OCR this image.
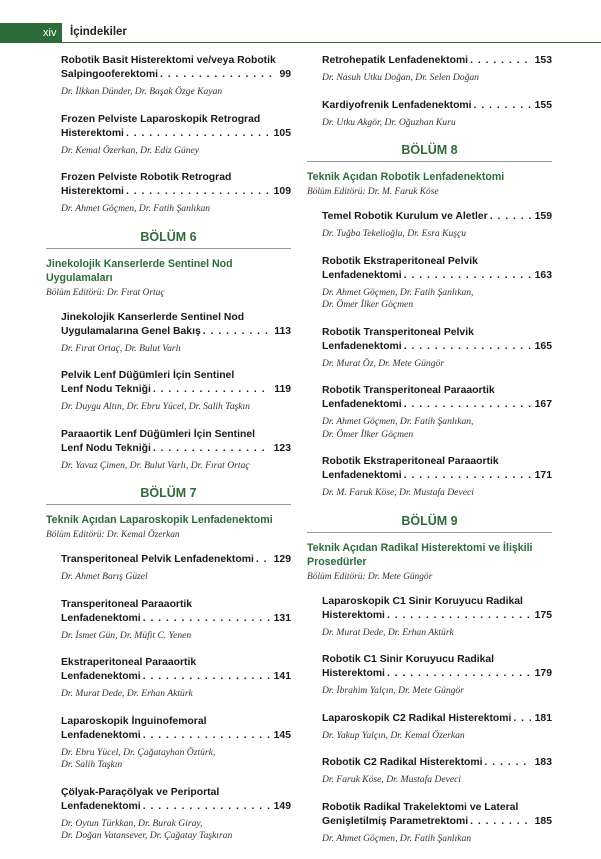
xiv	İçindekiler
Robotik Basit Histerektomi ve/veya Robotik
Salpingooferektomi . . .	99
Dr. İlkkan Dünder, Dr. Başak Özge Kayan
Frozen Pelviste Laparoskopik Retrograd
Histerektomi . . .	105
Dr. Kemal Özerkan, Dr. Ediz Güney
Frozen Pelviste Robotik Retrograd
Histerektomi . . .	109
Dr. Ahmet Göçmen, Dr. Fatih Şanlıkan
BÖLÜM 6
Jinekolojik Kanserlerde Sentinel Nod Uygulamaları
Bölüm Editörü: Dr. Fırat Ortaç
Jinekolojik Kanserlerde Sentinel Nod
Uygulamalarına Genel Bakış . . .	113
Dr. Fırat Ortaç, Dr. Bulut Varlı
Pelvik Lenf Düğümleri İçin Sentinel
Lenf Nodu Tekniği . . .	119
Dr. Duygu Altın, Dr. Ebru Yücel, Dr. Salih Taşkın
Paraaortik Lenf Düğümleri İçin Sentinel
Lenf Nodu Tekniği . . .	123
Dr. Yavuz Çimen, Dr. Bulut Varlı, Dr. Fırat Ortaç
BÖLÜM 7
Teknik Açıdan Laparoskopik Lenfadenektomi
Bölüm Editörü: Dr. Kemal Özerkan
Transperitoneal Pelvik Lenfadenektomi . . . 129
Dr. Ahmet Barış Güzel
Transperitoneal Paraaortik
Lenfadenektomi . . .	131
Dr. İsmet Gün, Dr. Müfit C. Yenen
Ekstraperitoneal Paraaortik
Lenfadenektomi . . .	141
Dr. Murat Dede, Dr. Erhan Aktürk
Laparoskopik İnguinofemoral
Lenfadenektomi . . .	145
Dr. Ebru Yücel, Dr. Çağatayhan Öztürk,
Dr. Salih Taşkın
Çölyak-Paraçölyak ve Periportal
Lenfadenektomi . . .	149
Dr. Oytun Türkkan, Dr. Burak Giray,
Dr. Doğan Vatansever, Dr. Çağatay Taşkıran
Retrohepatik Lenfadenektomi . . .	153
Dr. Nasuh Utku Doğan, Dr. Selen Doğan
Kardiyofrenik Lenfadenektomi . . .	155
Dr. Utku Akgör, Dr. Oğuzhan Kuru
BÖLÜM 8
Teknik Açıdan Robotik Lenfadenektomi
Bölüm Editörü: Dr. M. Faruk Köse
Temel Robotik Kurulum ve Aletler . . .	159
Dr. Tuğba Tekelioğlu, Dr. Esra Kuşçu
Robotik Ekstraperitoneal Pelvik
Lenfadenektomi . . .	163
Dr. Ahmet Göçmen, Dr. Fatih Şanlıkan,
Dr. Ömer İlker Göçmen
Robotik Transperitoneal Pelvik
Lenfadenektomi . . .	165
Dr. Murat Öz, Dr. Mete Güngör
Robotik Transperitoneal Paraaortik
Lenfadenektomi . . .	167
Dr. Ahmet Göçmen, Dr. Fatih Şanlıkan,
Dr. Ömer İlker Göçmen
Robotik Ekstraperitoneal Paraaortik
Lenfadenektomi . . .	171
Dr. M. Faruk Köse, Dr. Mustafa Deveci
BÖLÜM 9
Teknik Açıdan Radikal Histerektomi ve İlişkili Prosedürler
Bölüm Editörü: Dr. Mete Güngör
Laparoskopik C1 Sinir Koruyucu Radikal
Histerektomi . . .	175
Dr. Murat Dede, Dr. Erhan Aktürk
Robotik C1 Sinir Koruyucu Radikal
Histerektomi . . .	179
Dr. İbrahim Yalçın, Dr. Mete Güngör
Laparoskopik C2 Radikal Histerektomi . . . 181
Dr. Yakup Yalçın, Dr. Kemal Özerkan
Robotik C2 Radikal Histerektomi . . .	183
Dr. Faruk Köse, Dr. Mustafa Deveci
Robotik Radikal Trakelektomi ve Lateral
Genişletilmiş Parametrektomi . . .	185
Dr. Ahmet Göçmen, Dr. Fatih Şanlıkan
